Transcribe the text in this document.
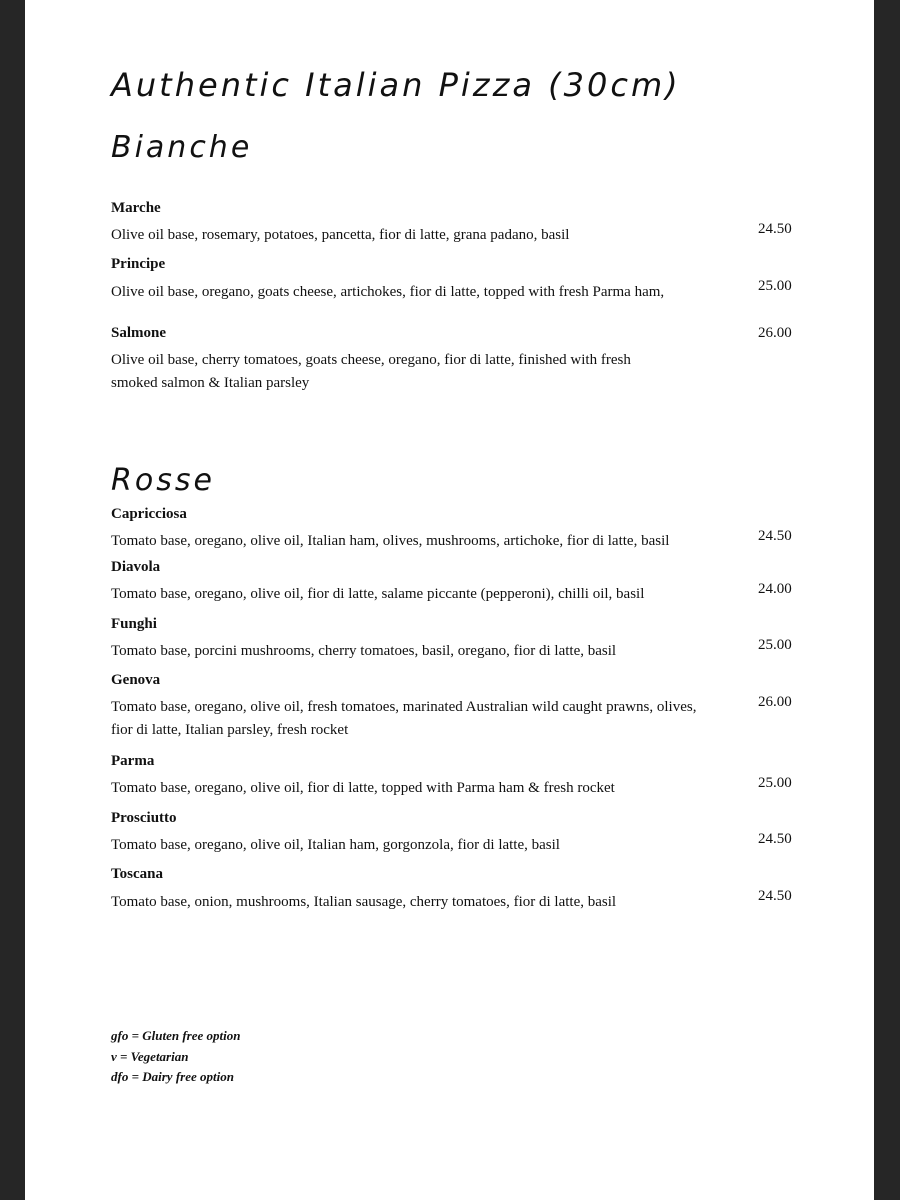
Authentic Italian Pizza (30cm)
Bianche
Marche
Olive oil base, rosemary, potatoes, pancetta, fior di latte, grana padano, basil	24.50
Principe
Olive oil base, oregano, goats cheese, artichokes, fior di latte, topped with fresh Parma ham,	25.00
Salmone
Olive oil base, cherry tomatoes, goats cheese, oregano, fior di latte, finished with fresh smoked salmon & Italian parsley
26.00
Rosse
Capricciosa
Tomato base, oregano, olive oil, Italian ham, olives, mushrooms, artichoke, fior di latte, basil	24.50
Diavola
Tomato base, oregano, olive oil, fior di latte, salame piccante (pepperoni), chilli oil, basil	24.00
Funghi
Tomato base, porcini mushrooms, cherry tomatoes, basil, oregano, fior di latte, basil	25.00
Genova
Tomato base, oregano, olive oil, fresh tomatoes, marinated Australian wild caught prawns, olives, fior di latte, Italian parsley, fresh rocket
26.00
Parma
Tomato base, oregano, olive oil, fior di latte, topped with Parma ham & fresh rocket	25.00
Prosciutto
Tomato base, oregano, olive oil, Italian ham, gorgonzola, fior di latte, basil	24.50
Toscana
Tomato base, onion, mushrooms, Italian sausage, cherry tomatoes, fior di latte, basil	24.50
gfo = Gluten free option
v = Vegetarian
dfo = Dairy free option
